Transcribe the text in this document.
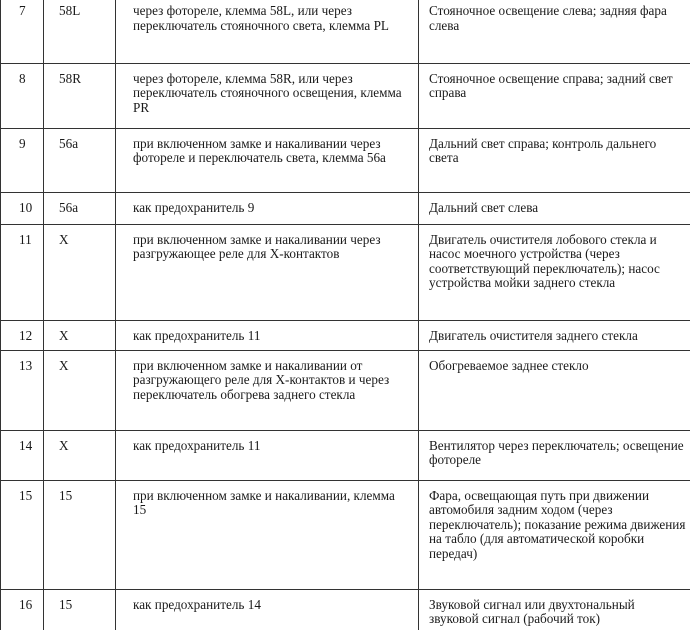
7	58L	через фотореле, клемма 58L, или через переключатель стояночного света, клемма PL	Стояночное освещение слева; задняя фара слева
8	58R	через фотореле, клемма 58R, или через переключатель стояночного освещения, клемма PR	Стояночное освещение справа; задний свет справа
9	56а	при включенном замке и накаливании через фотореле и переключатель света, клемма 56а	Дальний свет справа; контроль дальнего света
10	56а	как предохранитель 9	Дальний свет слева
11	X	при включенном замке и накаливании через разгружающее реле для X-контактов	Двигатель очистителя лобового стекла и насос моечного устройства (через соответствующий переключатель); насос устройства мойки заднего стекла
12	X	как предохранитель 11	Двигатель очистителя заднего стекла
13	X	при включенном замке и накаливании от разгружающего реле для X-контактов и через переключатель обогрева заднего стекла	Обогреваемое заднее стекло
14	X	как предохранитель 11	Вентилятор через переключатель; освещение фотореле
15	15	при включенном замке и накаливании, клемма 15	Фара, освещающая путь при движении автомобиля задним ходом (через переключатель); показание режима движения на табло (для автоматической коробки передач)
16	15	как предохранитель 14	Звуковой сигнал или двухтональный звуковой сигнал (рабочий ток)
